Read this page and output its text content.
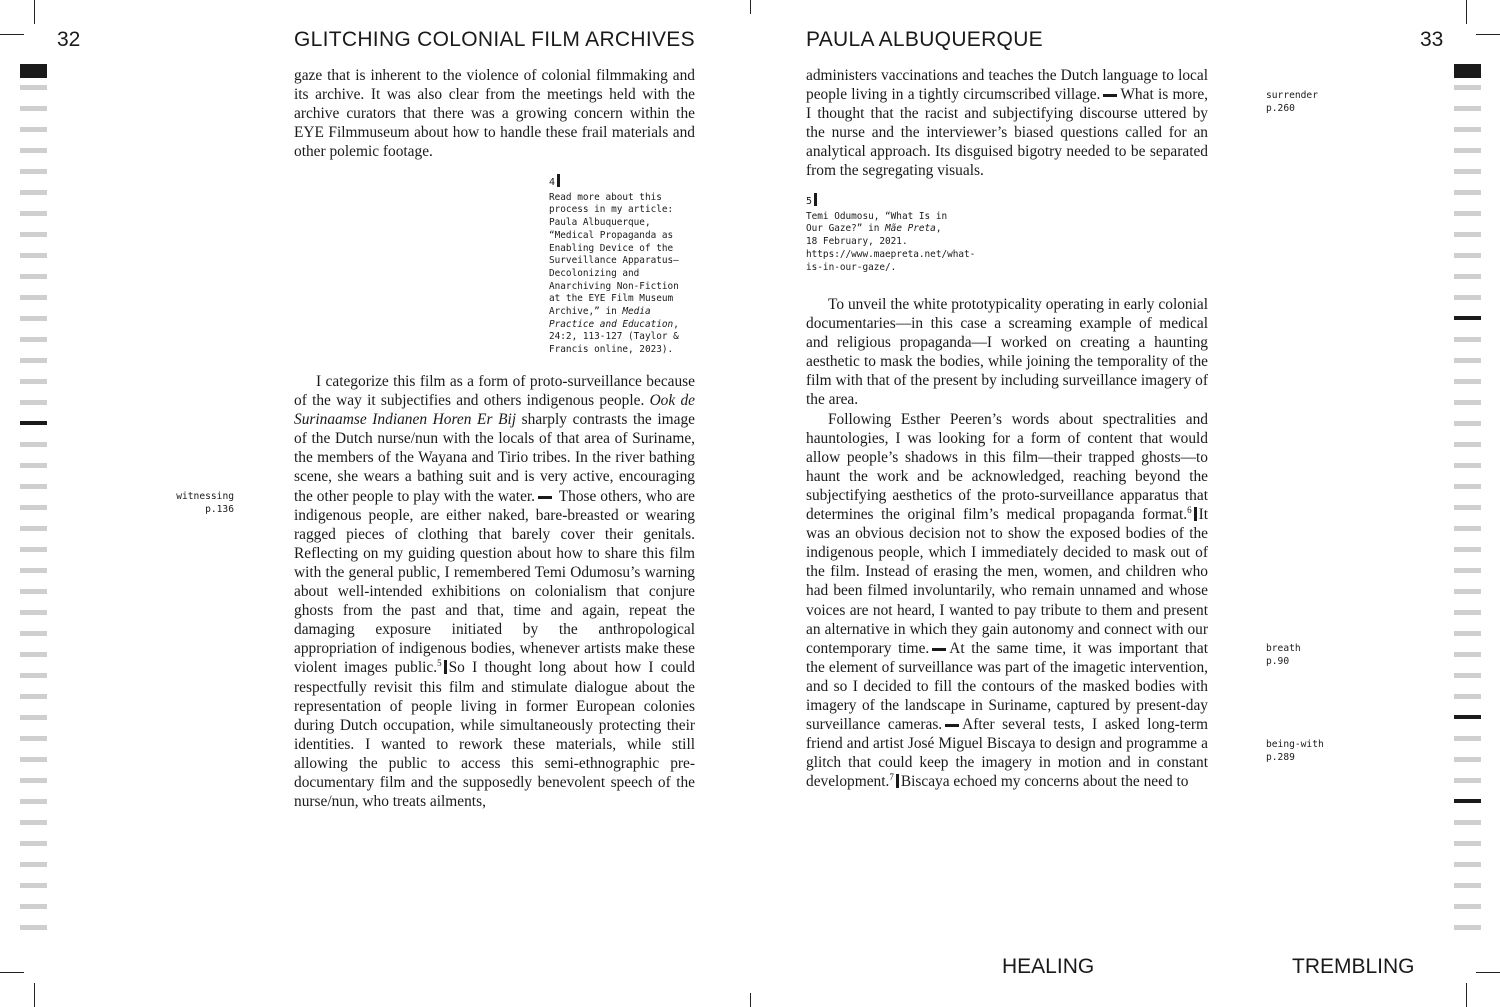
32	GLITCHING COLONIAL FILM ARCHIVES

gaze that is inherent to the violence of colonial filmmaking and its archive. It was also clear from the meetings held with the archive curators that there was a growing concern within the EYE Filmmuseum about how to handle these frail materials and other polemic footage.

4
Read more about this process in my article: Paula Albuquerque, “Medical Propaganda as Enabling Device of the Surveillance Apparatus—Decolonizing and Anarchiving Non-Fiction at the EYE Film Museum Archive,” in Media Practice and Education, 24:2, 113-127 (Taylor & Francis online, 2023).

I categorize this film as a form of proto-surveillance because of the way it subjectifies and others indigenous people. Ook de Surinaamse Indianen Horen Er Bij sharply contrasts the image of the Dutch nurse/nun with the locals of that area of Suriname, the members of the Wayana and Tirio tribes. In the river bathing scene, she wears a bathing suit and is very active, encouraging the other people to play with the water. Those others, who are indigenous people, are either naked, bare-breasted or wearing ragged pieces of clothing that barely cover their genitals. Reflecting on my guiding question about how to share this film with the general public, I remembered Temi Odumosu’s warning about well-intended exhibitions on colonialism that conjure ghosts from the past and that, time and again, repeat the damaging exposure initiated by the anthropological appropriation of indigenous bodies, whenever artists make these violent images public.$^5$ So I thought long about how I could respectfully revisit this film and stimulate dialogue about the representation of people living in former European colonies during Dutch occupation, while simultaneously protecting their identities. I wanted to rework these materials, while still allowing the public to access this semi-ethnographic pre-documentary film and the supposedly benevolent speech of the nurse/nun, who treats ailments,

witnessing
p.136
PAULA ALBUQUERQUE	33

administers vaccinations and teaches the Dutch language to local people living in a tightly circumscribed village. What is more, I thought that the racist and subjectifying discourse uttered by the nurse and the interviewer’s biased questions called for an analytical approach. Its disguised bigotry needed to be separated from the segregating visuals.

5
Temi Odumosu, “What Is in Our Gaze?” in Mãe Preta, 18 February, 2021. https://www.maepreta.net/what-is-in-our-gaze/.

To unveil the white prototypicality operating in early colonial documentaries—in this case a screaming example of medical and religious propaganda—I worked on creating a haunting aesthetic to mask the bodies, while joining the temporality of the film with that of the present by including surveillance imagery of the area.

Following Esther Peeren’s words about spectralities and hauntologies, I was looking for a form of content that would allow people’s shadows in this film—their trapped ghosts—to haunt the work and be acknowledged, reaching beyond the subjectifying aesthetics of the proto-surveillance apparatus that determines the original film’s medical propaganda format.$^6$ It was an obvious decision not to show the exposed bodies of the indigenous people, which I immediately decided to mask out of the film. Instead of erasing the men, women, and children who had been filmed involuntarily, who remain unnamed and whose voices are not heard, I wanted to pay tribute to them and present an alternative in which they gain autonomy and connect with our contemporary time. At the same time, it was important that the element of surveillance was part of the imagetic intervention, and so I decided to fill the contours of the masked bodies with imagery of the landscape in Suriname, captured by present-day surveillance cameras. After several tests, I asked long-term friend and artist José Miguel Biscaya to design and programme a glitch that could keep the imagery in motion and in constant development.$^7$ Biscaya echoed my concerns about the need to

surrender
p.260
breath
p.90
being-with
p.289
HEALING	TREMBLING
